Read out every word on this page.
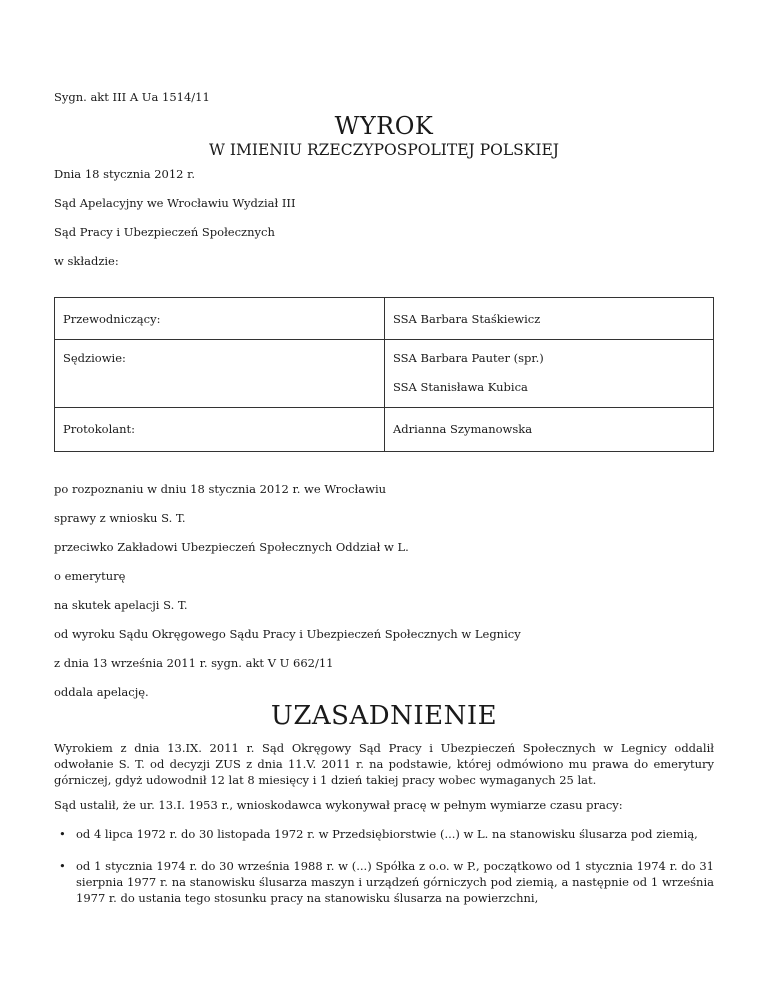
Sygn. akt III A Ua 1514/11

WYROK
W IMIENIU RZECZYPOSPOLITEJ POLSKIEJ

Dnia 18 stycznia 2012 r.

Sąd Apelacyjny we Wrocławiu Wydział III

Sąd Pracy i Ubezpieczeń Społecznych

w składzie:

Przewodniczący:	SSA Barbara Staśkiewicz

Sędziowie:	SSA Barbara Pauter (spr.)
SSA Stanisława Kubica

Protokolant:	Adrianna Szymanowska

po rozpoznaniu w dniu 18 stycznia 2012 r. we Wrocławiu

sprawy z wniosku S. T.

przeciwko Zakładowi Ubezpieczeń Społecznych Oddział w L.

o emeryturę

na skutek apelacji S. T.

od wyroku Sądu Okręgowego Sądu Pracy i Ubezpieczeń Społecznych w Legnicy

z dnia 13 września 2011 r. sygn. akt V U 662/11

oddala apelację.

UZASADNIENIE

Wyrokiem z dnia 13.IX. 2011 r. Sąd Okręgowy Sąd Pracy i Ubezpieczeń Społecznych w Legnicy oddalił odwołanie S. T. od decyzji ZUS z dnia 11.V. 2011 r. na podstawie, której odmówiono mu prawa do emerytury górniczej, gdyż udowodnił 12 lat 8 miesięcy i 1 dzień takiej pracy wobec wymaganych 25 lat.

Sąd ustalił, że ur. 13.I. 1953 r., wnioskodawca wykonywał pracę w pełnym wymiarze czasu pracy:

• od 4 lipca 1972 r. do 30 listopada 1972 r. w Przedsiębiorstwie (...) w L. na stanowisku ślusarza pod ziemią,
• od 1 stycznia 1974 r. do 30 września 1988 r. w (...) Spółka z o.o. w P., początkowo od 1 stycznia 1974 r. do 31 sierpnia 1977 r. na stanowisku ślusarza maszyn i urządzeń górniczych pod ziemią, a następnie od 1 września 1977 r. do ustania tego stosunku pracy na stanowisku ślusarza na powierzchni,
